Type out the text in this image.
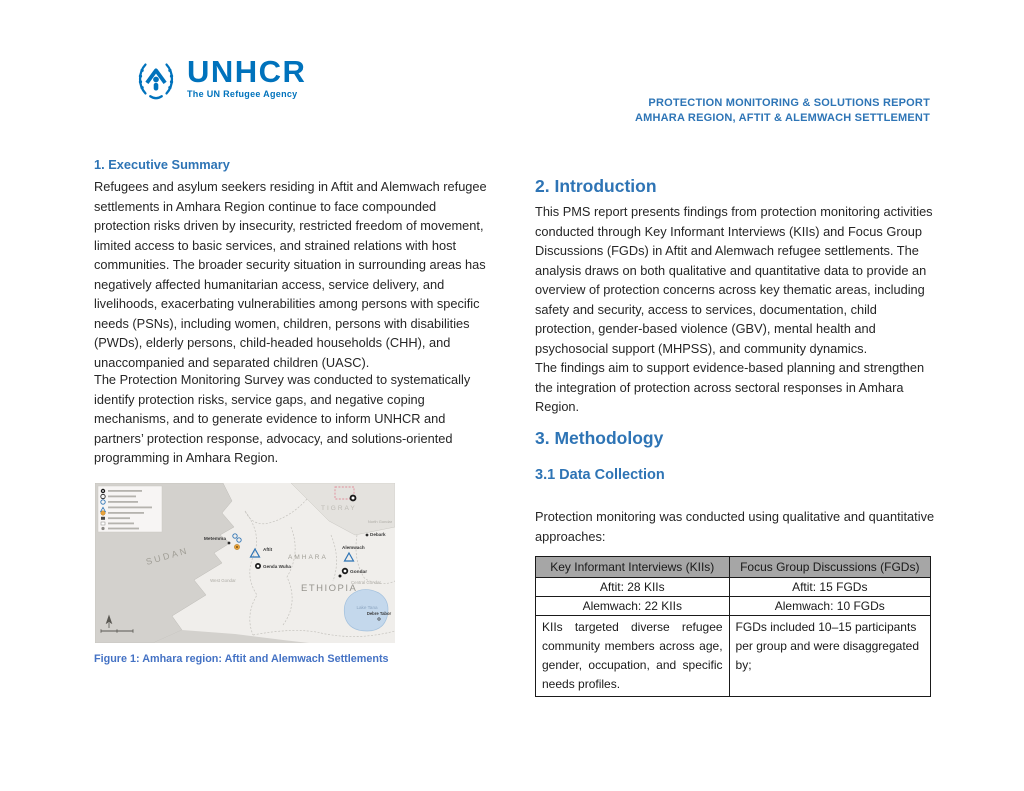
UNHCR
The UN Refugee Agency
PROTECTION MONITORING & SOLUTIONS REPORT
AMHARA REGION, AFTIT & ALEMWACH SETTLEMENT
1. Executive Summary

Refugees and asylum seekers residing in Aftit and Alemwach refugee settlements in Amhara Region continue to face compounded protection risks driven by insecurity, restricted freedom of movement, limited access to basic services, and strained relations with host communities. The broader security situation in surrounding areas has negatively affected humanitarian access, service delivery, and livelihoods, exacerbating vulnerabilities among persons with specific needs (PSNs), including women, children, persons with disabilities (PWDs), elderly persons, child-headed households (CHH), and unaccompanied and separated children (UASC).

The Protection Monitoring Survey was conducted to systematically identify protection risks, service gaps, and negative coping mechanisms, and to generate evidence to inform UNHCR and partners’ protection response, advocacy, and solutions-oriented programming in Amhara Region.

Lake Tana
SUDAN
TIGRAY
AMHARA
ETHIOPIA
West Gondar	Central Gondar
North Gondar
Metemma
Aftit
Genda Wuha
Gondar
Debark
Alemwach
Debre Tabor
Figure 1: Amhara region: Aftit and Alemwach Settlements
2. Introduction

This PMS report presents findings from protection monitoring activities conducted through Key Informant Interviews (KIIs) and Focus Group Discussions (FGDs) in Aftit and Alemwach refugee settlements. The analysis draws on both qualitative and quantitative data to provide an overview of protection concerns across key thematic areas, including safety and security, access to services, documentation, child protection, gender-based violence (GBV), mental health and psychosocial support (MHPSS), and community dynamics.

The findings aim to support evidence-based planning and strengthen the integration of protection across sectoral responses in Amhara Region.

3. Methodology
3.1 Data Collection

Protection monitoring was conducted using qualitative and quantitative approaches:

Key Informant Interviews (KIIs)	Focus Group Discussions (FGDs)
Aftit: 28 KIIs	Aftit: 15 FGDs
Alemwach: 22 KIIs	Alemwach: 10 FGDs
KIIs targeted diverse refugee community members across age, gender, occupation, and specific needs profiles.	FGDs included 10–15 participants per group and were disaggregated by;
